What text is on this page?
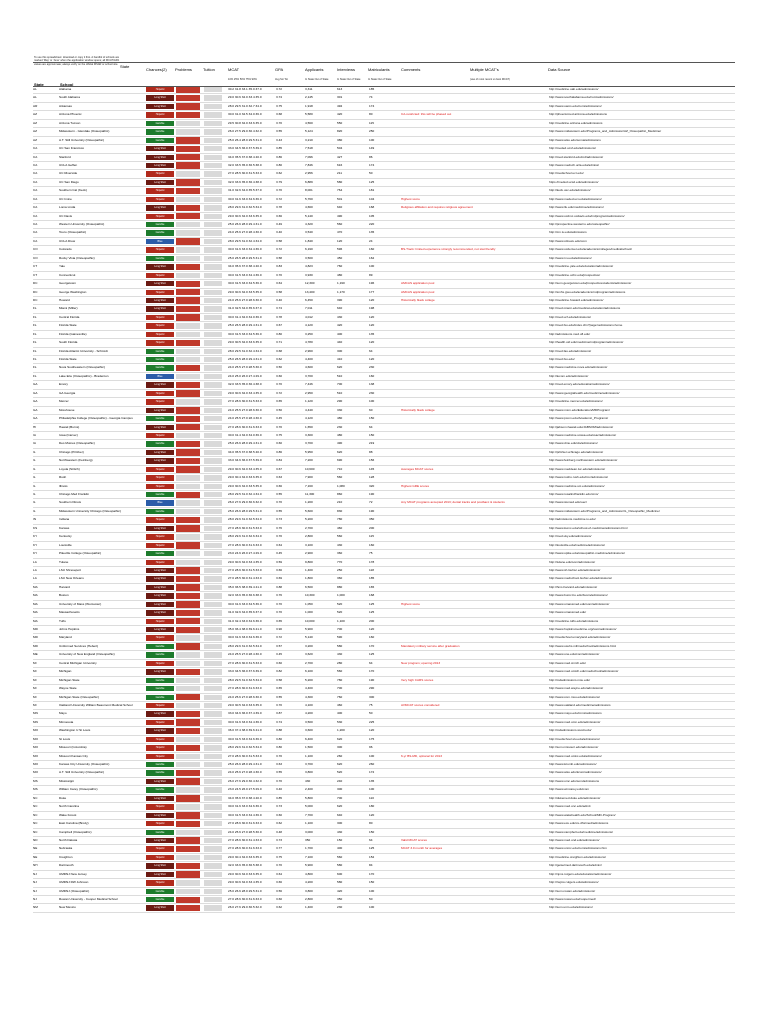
To use this spreadsheet: download or copy it first. A handful of schools are marked 'May' or 'June' when the application window opens; all MCAT/GPA values are approximate; always verify on the official MSAR or school site. State
Chances(2) Problems	Tuition	MCAT	GPA	Applicants	Interviews	Matriculants	Comments	Multiple MCAT's	Data Source
10% 25% 50% 75% 90%	Avg Sci Tot	In State Out of State	In State Out of State	In State Out of State	(use of most recent vs best MCAT)
State	School
AL	Alabama	Hopeful	30.2 31.8 33.1 35.0 37.0	3.72	3,311	613	185	http://medicine.uab.edu/admissions/
AL	South Alabama	Long Shot	29.0 30.6 32.0 33.4 35.0	3.74	2,145	301	74	http://www.southalabama.edu/com/admissions/
AR	Arkansas	Long Shot	28.0 29.5 31.0 32.7 34.0	3.75	1,918	492	174	http://www.uams.edu/com/admissions/
AZ	Arizona Phoenix	Hopeful	30.0 31.0 32.5 34.0 36.0	3.68	5,580	420	80	CA-restricted: this will be phased out	http://phoenixmed.arizona.edu/admissions
AZ	Arizona Tucson	Gamble	29.5 30.8 32.0 33.6 35.0	3.70	4,560	550	115	http://medicine.arizona.edu/admissions
AZ	Midwestern - Glendale (Osteopathic)	Gamble	26.0 27.5 29.0 30.4 32.0	3.55	5,124	820	250	http://www.midwestern.edu/Programs_and_Admission/AZ_Osteopathic_Medicine/
AZ	A.T. Still University (Osteopathic)	Gamble	25.0 26.4 28.0 29.5 31.0	3.43	3,210	380	100	http://www.atsu.edu/soma/admissions
CA	UC San Francisco	Long Shot	33.0 34.5 36.0 37.5 39.0	3.85	7,518	504	149	http://meded.ucsf.edu/admissions/
CA	Stanford	Long Shot	34.0 35.5 37.0 38.4 40.0	3.86	7,096	427	86	http://med.stanford.edu/md/admissions/
CA	UCLA Geffen	Long Shot	32.0 33.5 35.0 36.5 38.0	3.80	7,846	616	174	http://www.medsch.ucla.edu/admiss/
CA	UC Riverside	Hopeful	27.0 28.5 30.0 31.5 33.0	3.62	2,956	211	50	http://medschool.ucr.edu/
CA	UC San Diego	Long Shot	32.0 33.6 35.0 36.4 38.0	3.79	6,889	580	125	https://meded.ucsd.edu/admissions/
CA	Southern Cal (Keck)	Hopeful	31.0 32.6 34.0 35.5 37.0	3.70	8,001	764	181	http://keck.usc.edu/admission/
CA	UC Irvine	Hopeful	30.0 31.6 33.0 34.6 36.0	3.72	5,760	501	104	Highest score	http://www.meded.uci.edu/admissions/
CA	Loma Linda	Long Shot	28.0 29.6 31.0 32.5 34.0	3.78	4,660	640	168	Religious affiliation and requires religious agreement	http://www.llu.edu/medicine/admissions/
CA	UC Davis	Hopeful	29.0 30.6 32.0 33.6 35.0	3.66	5,140	490	105	http://www.ucdmc.ucdavis.edu/mdprogram/admissions/
CA	Western University (Osteopathic)	Gamble	25.0 26.6 28.0 29.4 31.0	3.49	4,320	560	220	http://prospective.westernu.edu/osteopathic/
CA	Touro (Osteopathic)	Gamble	24.0 25.6 27.0 28.4 30.0	3.40	3,540	470	135	http://cm.tu.edu/admissions
CA	UCLA Drew	Blue	28.0 29.5 31.0 32.4 34.0	3.58	1,840	120	24	http://www.cdrewu.edu/com
CO	Colorado	Hopeful	30.0 31.6 33.0 34.4 36.0	3.72	6,190	596	160	BS-Track: limited experience strongly recommended, not stat friendly	http://www.ucdenver.edu/academics/colleges/medicalschool/
CO	Rocky Vista (Osteopathic)	Gamble	25.0 26.5 28.0 29.5 31.0	3.58	3,500	450	162	http://www.rvu.edu/admissions/
CT	Yale	Long Shot	34.0 35.6 37.0 38.4 40.0	3.83	4,823	760	100	http://medicine.yale.edu/education/admissions/
CT	Connecticut	Hopeful	30.0 31.5 33.0 34.4 36.0	3.70	3,930	480	89	http://medicine.uchc.edu/prospective/
DC	Georgetown	Long Shot	30.0 31.5 33.0 34.5 36.0	3.64	12,300	1,190	196	AMCAS application pool	http://som.georgetown.edu/prospectivestudents/admissions/
DC	George Washington	Hopeful	29.0 30.6 32.0 33.5 35.0	3.58	13,400	1,170	177	AMCAS application pool	http://smhs.gwu.edu/academics/mdprogram/admissions
DC	Howard	Long Shot	24.0 25.6 27.0 28.6 30.0	3.40	6,450	390	120	Historically black college	http://medicine.howard.edu/admissions/
FL	Miami (Miller)	Long Shot	31.0 32.5 34.0 35.6 37.0	3.74	7,011	640	198	http://med.miami.edu/medical-education/admissions
FL	Central Florida	Hopeful	30.0 31.4 32.0 34.0 36.0	3.78	4,012	430	120	http://med.ucf.edu/admissions/
FL	Florida State	Hopeful	25.0 26.5 28.0 29.4 31.0	3.67	4,120	420	120	http://med.fsu.edu/index.cfm?page=admissions.home
FL	Florida (Gainesville)	Hopeful	30.0 31.5 33.0 34.5 36.0	3.80	3,250	400	135	http://admissions.med.ufl.edu/
FL	South Florida	Hopeful	29.0 30.5 32.0 33.6 35.0	3.71	4,780	440	120	http://health.usf.edu/medicine/mdprogram/admissions/
FL	Florida Atlantic University - Schmidt	Gamble	28.0 29.5 31.0 32.4 34.0	3.68	2,960	300	64	http://med.fau.edu/admissions/
FL	Florida State	Gamble	25.0 26.5 28.0 29.4 31.0	3.62	4,400	410	120	http://med.fsu.edu/
FL	Nova Southeastern (Osteopathic)	Gamble	24.0 25.5 27.0 28.5 30.0	3.50	4,600	620	230	http://www.medicine.nova.edu/admissions/
FL	Lake Erie (Osteopathic) - Bradenton	Blue	24.0 25.0 26.0 27.4 29.0	3.60	3,700	510	160	http://lecom.edu/admissions/
GA	Emory	Long Shot	32.0 33.5 35.0 36.4 38.0	3.70	7,446	700	138	http://med.emory.edu/education/admissions/
GA	GA Georgia	Hopeful	29.0 30.6 32.0 33.4 35.0	3.72	2,950	510	230	http://www.georgiahealth.edu/medicine/admissions/
GA	Mercer	Hopeful	27.0 28.6 30.0 31.5 33.0	3.65	1,120	290	100	http://medicine.mercer.edu/admissions/
GA	Morehouse	Long Shot	24.0 25.5 27.0 28.6 30.0	3.50	4,440	330	60	Historically black college	http://www.msm.edu/Education/MDProgram/
GA	Philadelphia College (Osteopathic) - Georgia Campus	Gamble	24.0 25.5 27.0 28.4 30.0	3.45	4,120	480	150	http://www.pcom.edu/Academic_Programs/
HI	Hawaii (Burns)	Long Shot	27.0 28.6 30.0 31.6 33.0	3.70	1,650	230	64	http://jabsom.hawaii.edu/JABSOM/admissions/
IA	Iowa (Carver)	Hopeful	30.0 31.4 32.0 34.0 36.0	3.75	3,300	480	150	http://www.medicine.uiowa.edu/osac/admissions/
IA	Des Moines (Osteopathic)	Gamble	25.0 26.6 28.0 29.4 31.0	3.60	3,700	490	219	http://www.dmu.edu/do/admissions/
IL	Chicago (Pritzker)	Long Shot	34.0 35.5 37.0 38.5 40.0	3.86	5,950	620	88	http://pritzker.uchicago.edu/admissions/
IL	Northwestern (Feinberg)	Long Shot	33.0 34.6 36.0 37.5 39.0	3.84	7,200	690	156	http://www.feinberg.northwestern.edu/admissions/
IL	Loyola (Stritch)	Hopeful	29.0 30.6 32.0 33.4 35.0	3.67	10,600	710	145	Averages MCAT scores	http://www.meddean.luc.edu/admissions/
IL	Rush	Hopeful	29.0 30.4 32.0 33.6 35.0	3.63	7,900	560	128	http://www.rushu.rush.edu/rmc/admissions/
IL	Illinois	Hopeful	29.0 30.6 32.0 33.5 35.0	3.66	7,160	1,080	320	Highest GRE scores	http://www.medicine.uic.edu/admissions/
IL	Chicago Med Franklin	Gamble	28.0 29.5 31.0 32.4 34.0	3.55	11,300	860	190	http://www.rosalindfranklin.edu/cms/
IL	Southern Illinois	Blue	26.0 27.6 29.0 30.6 32.0	3.70	1,200	210	72	Any MCAT programs accepted 2013; dental tracks and postbacc & students	http://www.siumed.edu/oec/
IL	Midwestern University Chicago (Osteopathic)	Gamble	25.0 26.6 28.0 29.5 31.0	3.55	5,600	830	190	http://www.midwestern.edu/Programs_and_Admission/IL_Osteopathic_Medicine/
IN	Indiana	Hopeful	28.0 29.6 31.0 32.5 34.0	3.73	5,200	780	350	http://admissions.medicine.iu.edu/
KS	Kansas	Long Shot	27.0 28.6 30.0 31.5 33.0	3.76	2,700	460	200	http://www.kumc.edu/school-of-medicine/admissions.html
KY	Kentucky	Hopeful	28.0 29.6 31.0 32.6 34.0	3.70	2,800	560	115	http://med.uky.edu/admissions/
KY	Louisville	Hopeful	27.0 28.6 30.0 31.6 33.0	3.64	3,100	430	160	http://louisville.edu/medicine/admissions/
KY	Pikeville College (Osteopathic)	Gamble	23.0 24.6 26.0 27.4 29.0	3.45	2,900	360	75	http://www.upike.edu/osteopathic-medicine/admissions/
LA	Tulane	Hopeful	29.0 30.6 32.0 33.4 35.0	3.59	9,800	770	178	http://tulane.edu/som/admissions/
LA	LSU Shreveport	Long Shot	27.0 28.6 30.0 31.5 33.0	3.66	1,400	250	118	http://www.sh.lsuhsc.edu/admissions/
LA	LSU New Orleans	Long Shot	27.0 28.5 30.0 31.4 33.0	3.69	1,800	360	185	http://www.medschool.lsuhsc.edu/admissions/
MA	Harvard	Long Shot	35.0 36.5 38.0 39.4 41.0	3.88	6,500	880	165	http://hms.harvard.edu/admissions/
MA	Boston	Long Shot	32.0 33.6 35.0 36.6 38.0	3.76	10,300	1,000	168	http://www.bumc.bu.edu/busm/admissions/
MA	University of Mass (Worcester)	Long Shot	30.0 31.6 33.0 34.5 36.0	3.70	1,050	520	125	Highest score	http://www.umassmed.edu/som/admissions/
MA	Massachusetts	Long Shot	31.0 32.6 34.0 35.6 37.0	3.70	1,000	520	125	http://www.umassmed.edu/
MA	Tufts	Hopeful	31.0 32.4 33.0 34.6 36.0	3.65	10,000	1,100	200	http://medicine.tufts.edu/admissions
MD	Johns Hopkins	Long Shot	35.0 36.4 38.0 39.6 41.0	3.90	5,900	700	120	http://www.hopkinsmedicine.org/som/admissions/
MD	Maryland	Hopeful	30.0 31.6 33.0 34.6 36.0	3.72	5,140	590	160	http://medschool.umaryland.edu/admissions/
MD	Uniformed Services (Hebert)	Gamble	28.0 29.6 31.0 32.5 34.0	3.57	3,200	580	170	Mandatory military service after graduation	http://www.usuhs.mil/medschool/admissions.html
ME	University of New England (Osteopathic)	Gamble	24.0 25.5 27.0 28.4 30.0	3.45	3,620	430	125	http://www.une.edu/com/admissions/
MI	Central Michigan University	Hopeful	27.0 28.6 30.0 31.5 33.0	3.60	2,700	280	64	New program; opening 2013	http://www.med.cmich.edu/
MI	Michigan	Long Shot	33.0 34.5 36.0 37.6 39.0	3.82	6,100	560	170	http://www.med.umich.edu/medschool/admissions/
MI	Michigan State	Gamble	28.0 29.5 31.0 32.5 34.0	3.58	5,200	780	190	Very high CARS scores	http://mdadmissions.msu.edu/
MI	Wayne State	Gamble	27.0 28.6 30.0 31.6 33.0	3.65	4,400	700	290	http://www.med.wayne.edu/admissions/
MI	Michigan State (Osteopathic)	Gamble	24.0 25.6 27.0 28.6 30.0	3.55	4,300	760	300	http://www.com.msu.edu/admissions/
MI	Oakland University William Beaumont Medical School	Hopeful	29.0 30.5 32.0 33.6 35.0	3.70	4,100	460	75	AVMCAT scores considered	http://www.oakland.edu/medicine/admissions
MN	Mayo	Long Shot	33.0 34.6 36.0 37.4 39.0	3.87	4,200	400	50	http://www.mayo.edu/mms/admissions
MN	Minnesota	Hopeful	30.0 31.6 33.0 34.4 36.0	3.74	3,500	530	225	http://www.med.umn.edu/admissions/
MO	Washington U St Louis	Long Shot	36.0 37.4 38.0 39.6 41.0	3.88	3,600	1,200	120	http://mdadmissions.wustl.edu/
MO	St Louis	Hopeful	30.0 31.5 33.0 34.6 36.0	3.80	6,400	620	175	http://medschool.slu.edu/admissions/
MO	Missouri (Columbia)	Hopeful	28.0 29.6 31.0 32.5 34.0	3.80	1,500	300	96	http://som.missouri.edu/admissions/
MO	Missouri Kansas City	Hopeful	27.0 28.6 30.0 31.5 33.0	3.70	1,100	260	100	6-yr BS-MD, optional for 2013	http://www.med.umkc.edu/admissions/
MO	Kansas City University (Osteopathic)	Gamble	25.0 26.6 28.0 29.4 31.0	3.63	3,700	620	260	http://www.kcumb.edu/admissions/
MO	A.T. Still University (Osteopathic)	Gamble	24.0 25.6 27.0 28.4 30.0	3.55	3,800	520	172	http://www.atsu.edu/kcom/admissions/
MS	Mississippi	Long Shot	26.0 27.6 29.0 30.4 32.0	3.70	430	240	135	http://www.umc.edu/som/admissions
MS	William Carey (Osteopathic)	Gamble	23.0 24.5 26.0 27.5 29.0	3.40	2,400	300	100	http://www.wmcarey.edu/com
NC	Duke	Long Shot	34.0 35.6 37.0 38.4 40.0	3.85	5,800	700	110	http://dukemed.duke.edu/admissions/
NC	North Carolina	Hopeful	30.0 31.6 33.0 34.6 36.0	3.73	5,000	620	180	http://www.med.unc.edu/admit
NC	Wake Forest	Long Shot	30.0 31.5 33.0 34.4 36.0	3.60	7,700	640	120	http://www.wakehealth.edu/School/MD-Program/
NC	East Carolina (Brody)	Hopeful	27.0 28.6 30.0 31.6 33.0	3.62	1,100	300	80	http://www.ecu.edu/cs-dhs/med/admissions
NC	Campbell (Osteopathic)	Gamble	24.0 25.6 27.0 28.5 30.0	3.48	3,000	430	150	http://www.campbell.edu/medicine/admissions/
ND	North Dakota	Long Shot	27.0 28.6 30.0 31.4 33.0	3.73	350	150	64	Valid MCAT scores	http://www.med.und.edu/admissions/
NE	Nebraska	Hopeful	27.0 28.6 30.0 31.6 33.0	3.77	1,700	400	125	MCAT 3.0 month for averages	http://www.unmc.edu/com/admissions.htm
NE	Creighton	Hopeful	29.0 30.4 32.0 33.6 35.0	3.75	7,100	560	152	http://medicine.creighton.edu/admissions/
NH	Dartmouth	Long Shot	32.0 33.6 35.0 36.5 38.0	3.70	5,900	580	84	http://geiselmed.dartmouth.edu/admin/
NJ	UMDNJ New Jersey	Long Shot	29.0 30.6 32.0 33.6 35.0	3.64	4,800	600	170	http://njms.rutgers.edu/education/admissions/
NJ	UMDNJ RW Johnson	Hopeful	29.0 30.6 32.0 33.4 35.0	3.66	4,200	580	150	http://rwjms.rutgers.edu/admissions/
NJ	UMDNJ (Osteopathic)	Gamble	25.0 26.6 28.0 29.5 31.0	3.56	3,800	420	100	http://som.rowan.edu/admissions/
NJ	Rowan University - Cooper Medical School	Gamble	27.0 28.6 30.0 31.6 33.0	3.60	2,800	350	50	http://www.rowan.edu/coopermed/
NM	New Mexico	Long Shot	26.0 27.6 29.0 30.5 32.0	3.62	1,400	230	100	http://som.unm.edu/admissions/
